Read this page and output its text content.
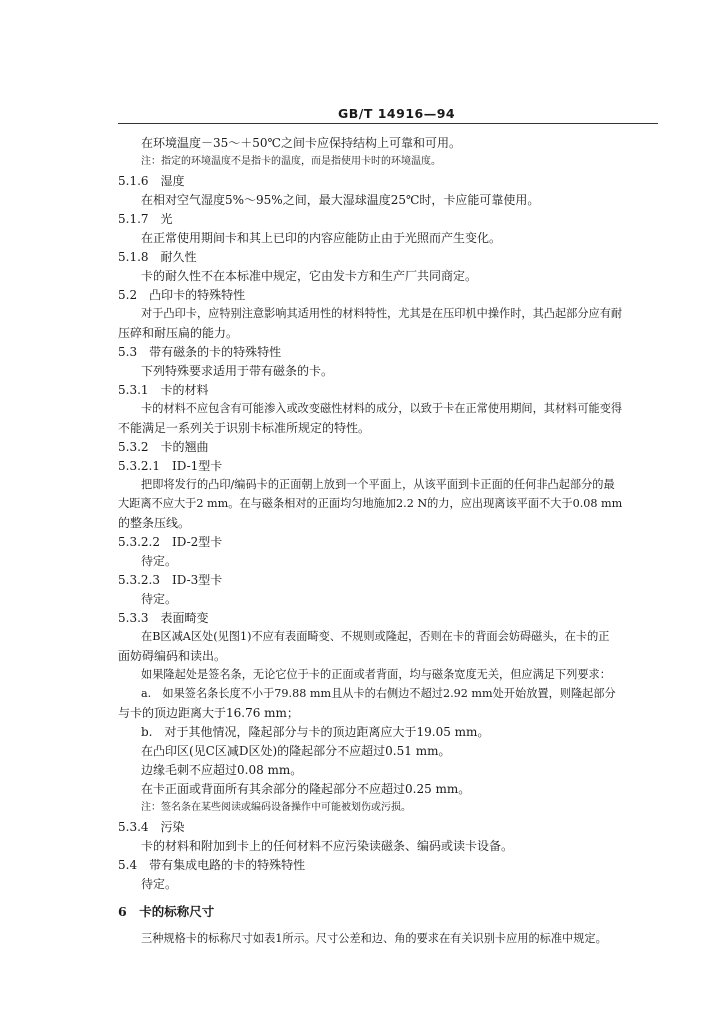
GB/T 14916—94
在环境温度－35～＋50℃之间卡应保持结构上可靠和可用。
注：指定的环境温度不是指卡的温度，而是指使用卡时的环境温度。
5.1.6　湿度
在相对空气湿度5%～95%之间，最大湿球温度25℃时，卡应能可靠使用。
5.1.7　光
在正常使用期间卡和其上已印的内容应能防止由于光照而产生变化。
5.1.8　耐久性
卡的耐久性不在本标准中规定，它由发卡方和生产厂共同商定。
5.2　凸印卡的特殊特性
对于凸印卡，应特别注意影响其适用性的材料特性，尤其是在压印机中操作时，其凸起部分应有耐
压碎和耐压扁的能力。
5.3　带有磁条的卡的特殊特性
下列特殊要求适用于带有磁条的卡。
5.3.1　卡的材料
卡的材料不应包含有可能渗入或改变磁性材料的成分，以致于卡在正常使用期间，其材料可能变得
不能满足一系列关于识别卡标准所规定的特性。
5.3.2　卡的翘曲
5.3.2.1　ID-1型卡
把即将发行的凸印/编码卡的正面朝上放到一个平面上，从该平面到卡正面的任何非凸起部分的最
大距离不应大于2 mm。在与磁条相对的正面均匀地施加2.2 N的力，应出现离该平面不大于0.08 mm
的整条压线。
5.3.2.2　ID-2型卡
待定。
5.3.2.3　ID-3型卡
待定。
5.3.3　表面畸变
在B区减A区处(见图1)不应有表面畸变、不规则或隆起，否则在卡的背面会妨碍磁头，在卡的正
面妨碍编码和读出。
如果隆起处是签名条，无论它位于卡的正面或者背面，均与磁条宽度无关，但应满足下列要求：
a.　如果签名条长度不小于79.88 mm且从卡的右侧边不超过2.92 mm处开始放置，则隆起部分
与卡的顶边距离大于16.76 mm；
b.　对于其他情况，隆起部分与卡的顶边距离应大于19.05 mm。
在凸印区(见C区减D区处)的隆起部分不应超过0.51 mm。
边缘毛刺不应超过0.08 mm。
在卡正面或背面所有其余部分的隆起部分不应超过0.25 mm。
注：签名条在某些阅读或编码设备操作中可能被划伤或污损。
5.3.4　污染
卡的材料和附加到卡上的任何材料不应污染读磁条、编码或读卡设备。
5.4　带有集成电路的卡的特殊特性
待定。
6　卡的标称尺寸
三种规格卡的标称尺寸如表1所示。尺寸公差和边、角的要求在有关识别卡应用的标准中规定。
